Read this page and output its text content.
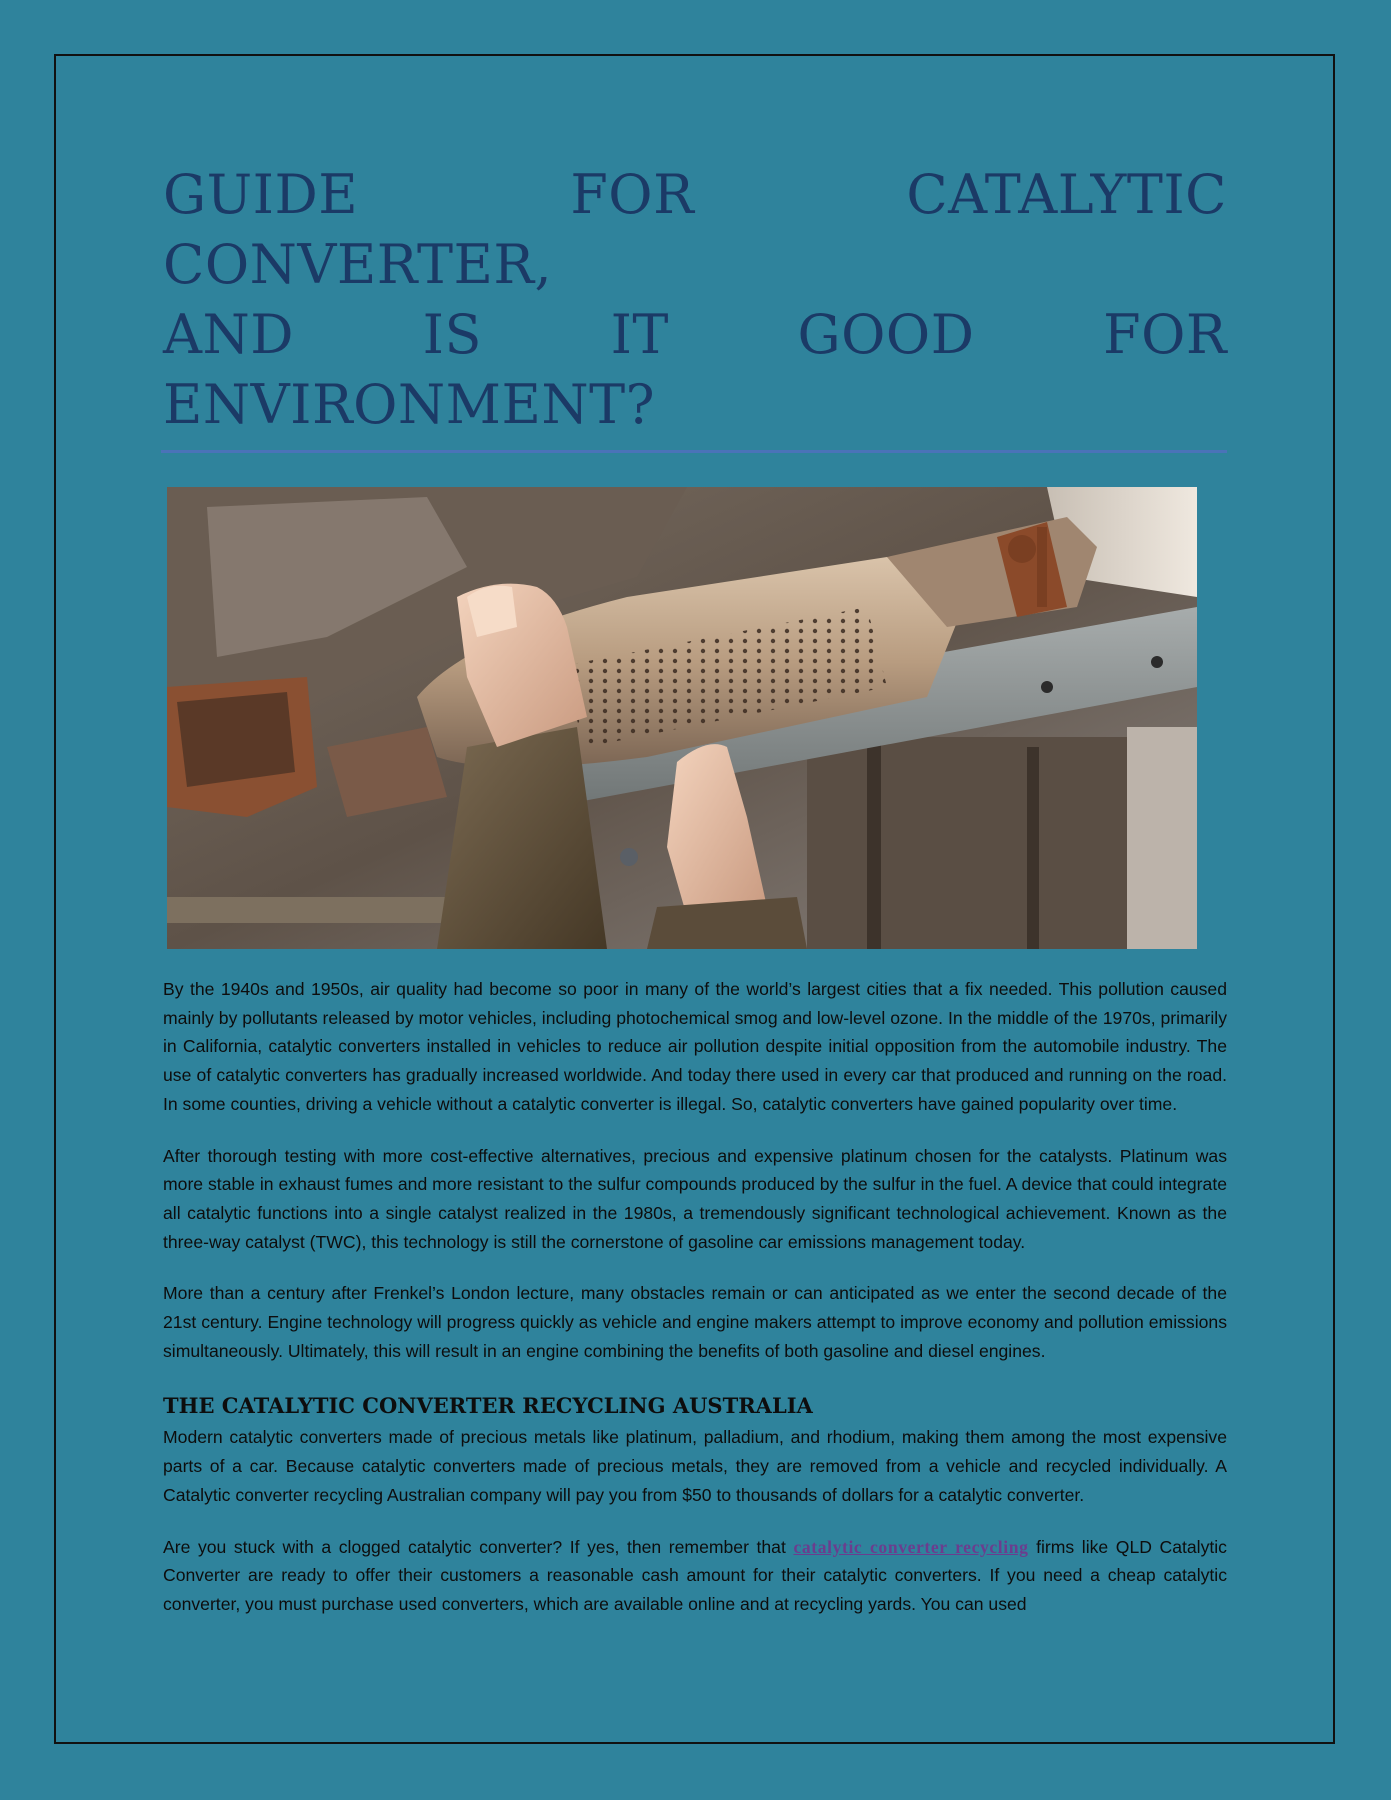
GUIDE FOR CATALYTIC CONVERTER,
AND IS IT GOOD FOR ENVIRONMENT?

By the 1940s and 1950s, air quality had become so poor in many of the world’s largest cities that a fix needed. This pollution caused mainly by pollutants released by motor vehicles, including photochemical smog and low-level ozone. In the middle of the 1970s, primarily in California, catalytic converters installed in vehicles to reduce air pollution despite initial opposition from the automobile industry. The use of catalytic converters has gradually increased worldwide. And today there used in every car that produced and running on the road. In some counties, driving a vehicle without a catalytic converter is illegal. So, catalytic converters have gained popularity over time.

After thorough testing with more cost-effective alternatives, precious and expensive platinum chosen for the catalysts. Platinum was more stable in exhaust fumes and more resistant to the sulfur compounds produced by the sulfur in the fuel. A device that could integrate all catalytic functions into a single catalyst realized in the 1980s, a tremendously significant technological achievement. Known as the three-way catalyst (TWC), this technology is still the cornerstone of gasoline car emissions management today.

More than a century after Frenkel’s London lecture, many obstacles remain or can anticipated as we enter the second decade of the 21st century. Engine technology will progress quickly as vehicle and engine makers attempt to improve economy and pollution emissions simultaneously. Ultimately, this will result in an engine combining the benefits of both gasoline and diesel engines.

THE CATALYTIC CONVERTER RECYCLING AUSTRALIA

Modern catalytic converters made of precious metals like platinum, palladium, and rhodium, making them among the most expensive parts of a car. Because catalytic converters made of precious metals, they are removed from a vehicle and recycled individually. A Catalytic converter recycling Australian company will pay you from $50 to thousands of dollars for a catalytic converter.

Are you stuck with a clogged catalytic converter? If yes, then remember that catalytic converter recycling firms like QLD Catalytic Converter are ready to offer their customers a reasonable cash amount for their catalytic converters. If you need a cheap catalytic converter, you must purchase used converters, which are available online and at recycling yards. You can used
